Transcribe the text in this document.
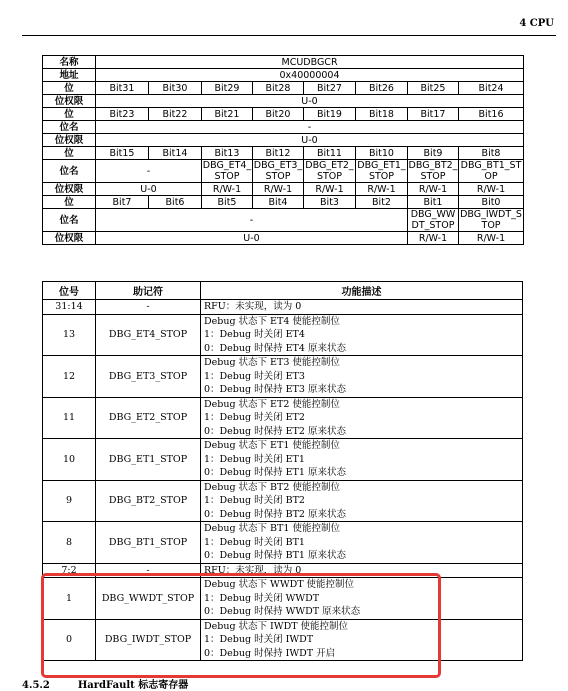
4 CPU
名称	MCUDBGCR							
地址	0x40000004							
位	Bit31	Bit30	Bit29	Bit28	Bit27	Bit26	Bit25	Bit24
位权限	U-0							
位	Bit23	Bit22	Bit21	Bit20	Bit19	Bit18	Bit17	Bit16
位名	-							
位权限	U-0							
位	Bit15	Bit14	Bit13	Bit12	Bit11	Bit10	Bit9	Bit8
位名	-		DBG_ET4_STOP	DBG_ET3_STOP	DBG_ET2_STOP	DBG_ET1_STOP	DBG_BT2_STOP	DBG_BT1_STOP
位权限	U-0		R/W-1	R/W-1	R/W-1	R/W-1	R/W-1	R/W-1
位	Bit7	Bit6	Bit5	Bit4	Bit3	Bit2	Bit1	Bit0
位名	-						DBG_WWDT_STOP	DBG_IWDT_STOP
位权限	U-0						R/W-1	R/W-1
位号	助记符	功能描述
31:14	-	RFU：未实现，读为 0

13	DBG_ET4_STOP	Debug 状态下 ET4 使能控制位
1：Debug 时关闭 ET4
0：Debug 时保持 ET4 原来状态

12	DBG_ET3_STOP	Debug 状态下 ET3 使能控制位
1：Debug 时关闭 ET3
0：Debug 时保持 ET3 原来状态

11	DBG_ET2_STOP	Debug 状态下 ET2 使能控制位
1：Debug 时关闭 ET2
0：Debug 时保持 ET2 原来状态

10	DBG_ET1_STOP	Debug 状态下 ET1 使能控制位
1：Debug 时关闭 ET1
0：Debug 时保持 ET1 原来状态

9	DBG_BT2_STOP	Debug 状态下 BT2 使能控制位
1：Debug 时关闭 BT2
0：Debug 时保持 BT2 原来状态

8	DBG_BT1_STOP	Debug 状态下 BT1 使能控制位
1：Debug 时关闭 BT1
0：Debug 时保持 BT1 原来状态

7:2	-	RFU：未实现，读为 0

1	DBG_WWDT_STOP	Debug 状态下 WWDT 使能控制位
1：Debug 时关闭 WWDT
0：Debug 时保持 WWDT 原来状态

0	DBG_IWDT_STOP	Debug 状态下 IWDT 使能控制位
1：Debug 时关闭 IWDT
0：Debug 时保持 IWDT 开启
4.5.2	HardFault 标志寄存器
